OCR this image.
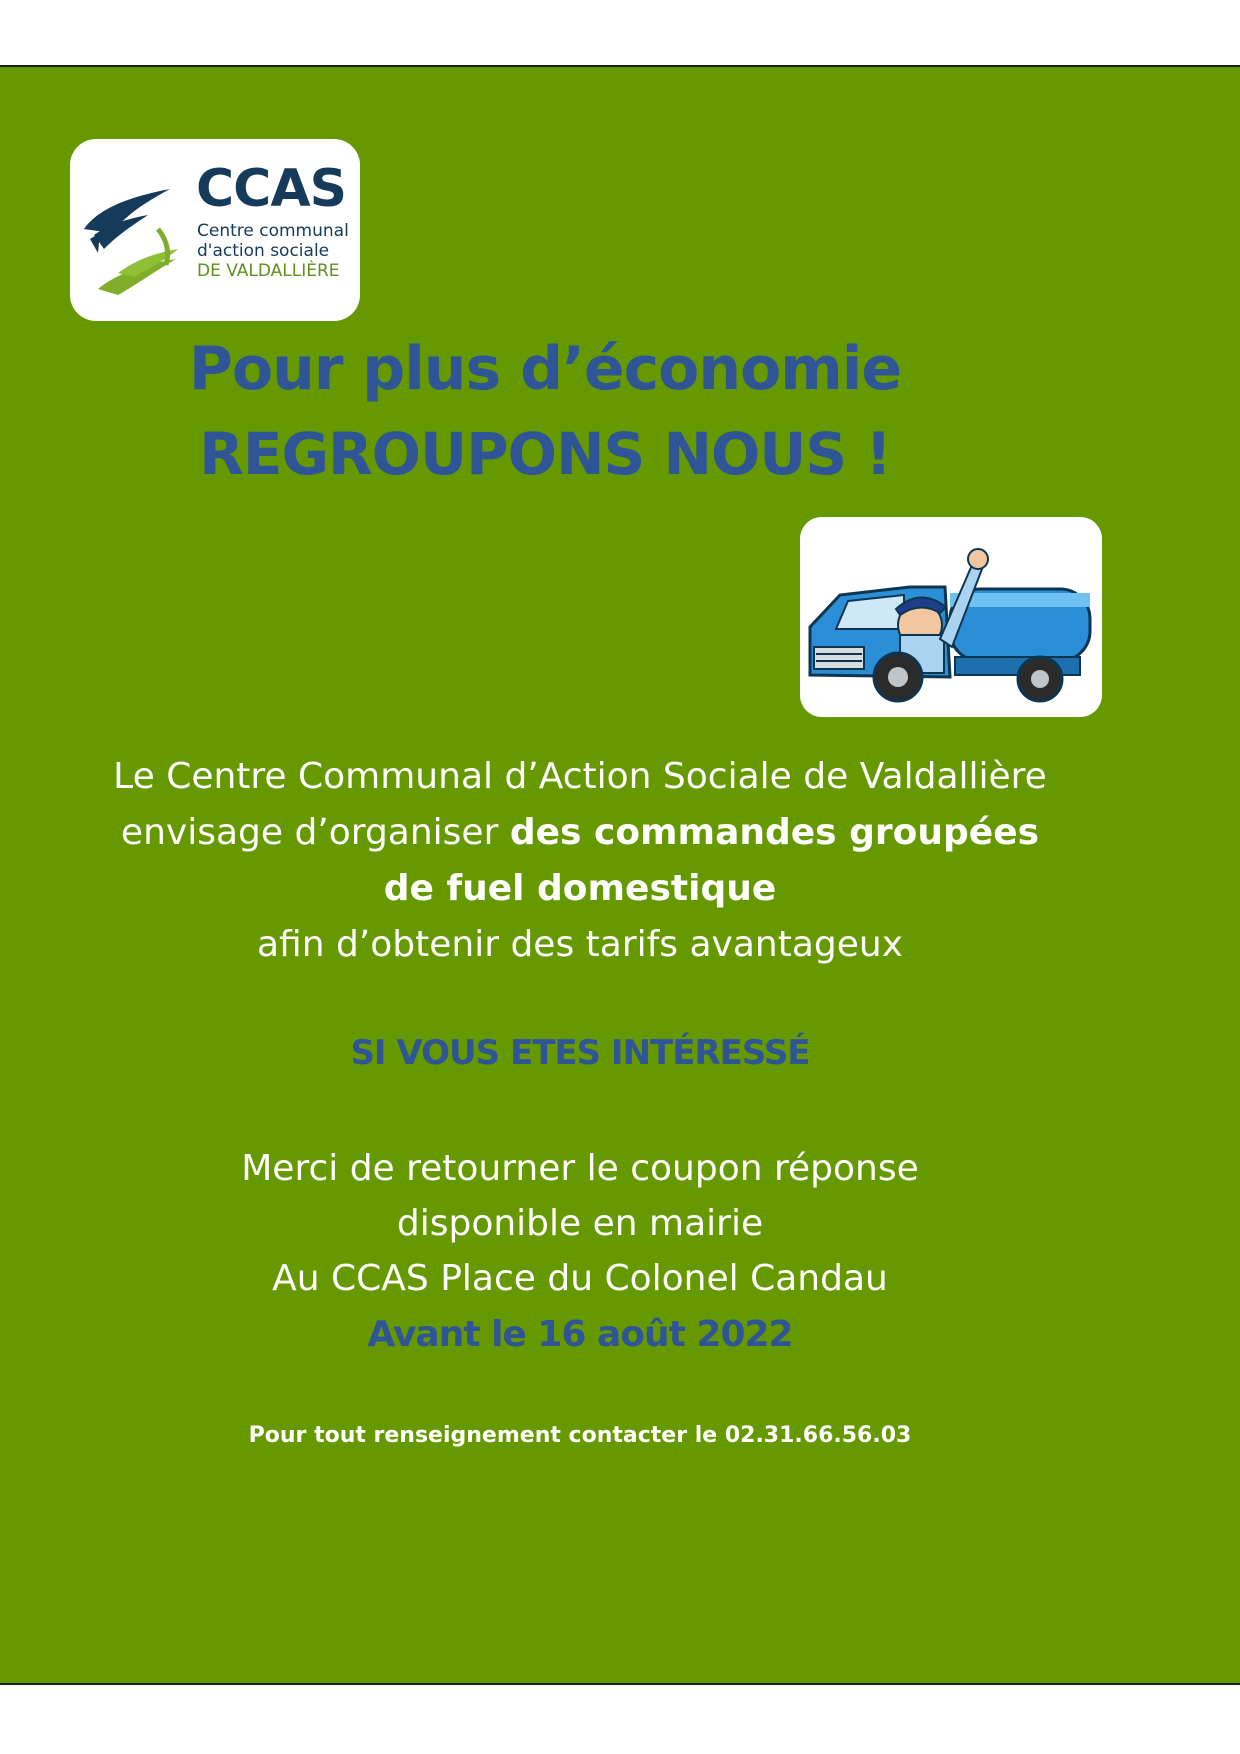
CCAS
Centre communal
d'action sociale
DE VALDALLIÈRE
Pour plus d’économie
REGROUPONS NOUS !
Le Centre Communal d’Action Sociale de Valdallière
envisage d’organiser des commandes groupées
de fuel domestique
afin d’obtenir des tarifs avantageux
SI VOUS ETES INTÉRESSÉ
Merci de retourner le coupon réponse
disponible en mairie
Au CCAS Place du Colonel Candau
Avant le 16 août 2022
Pour tout renseignement contacter le 02.31.66.56.03
